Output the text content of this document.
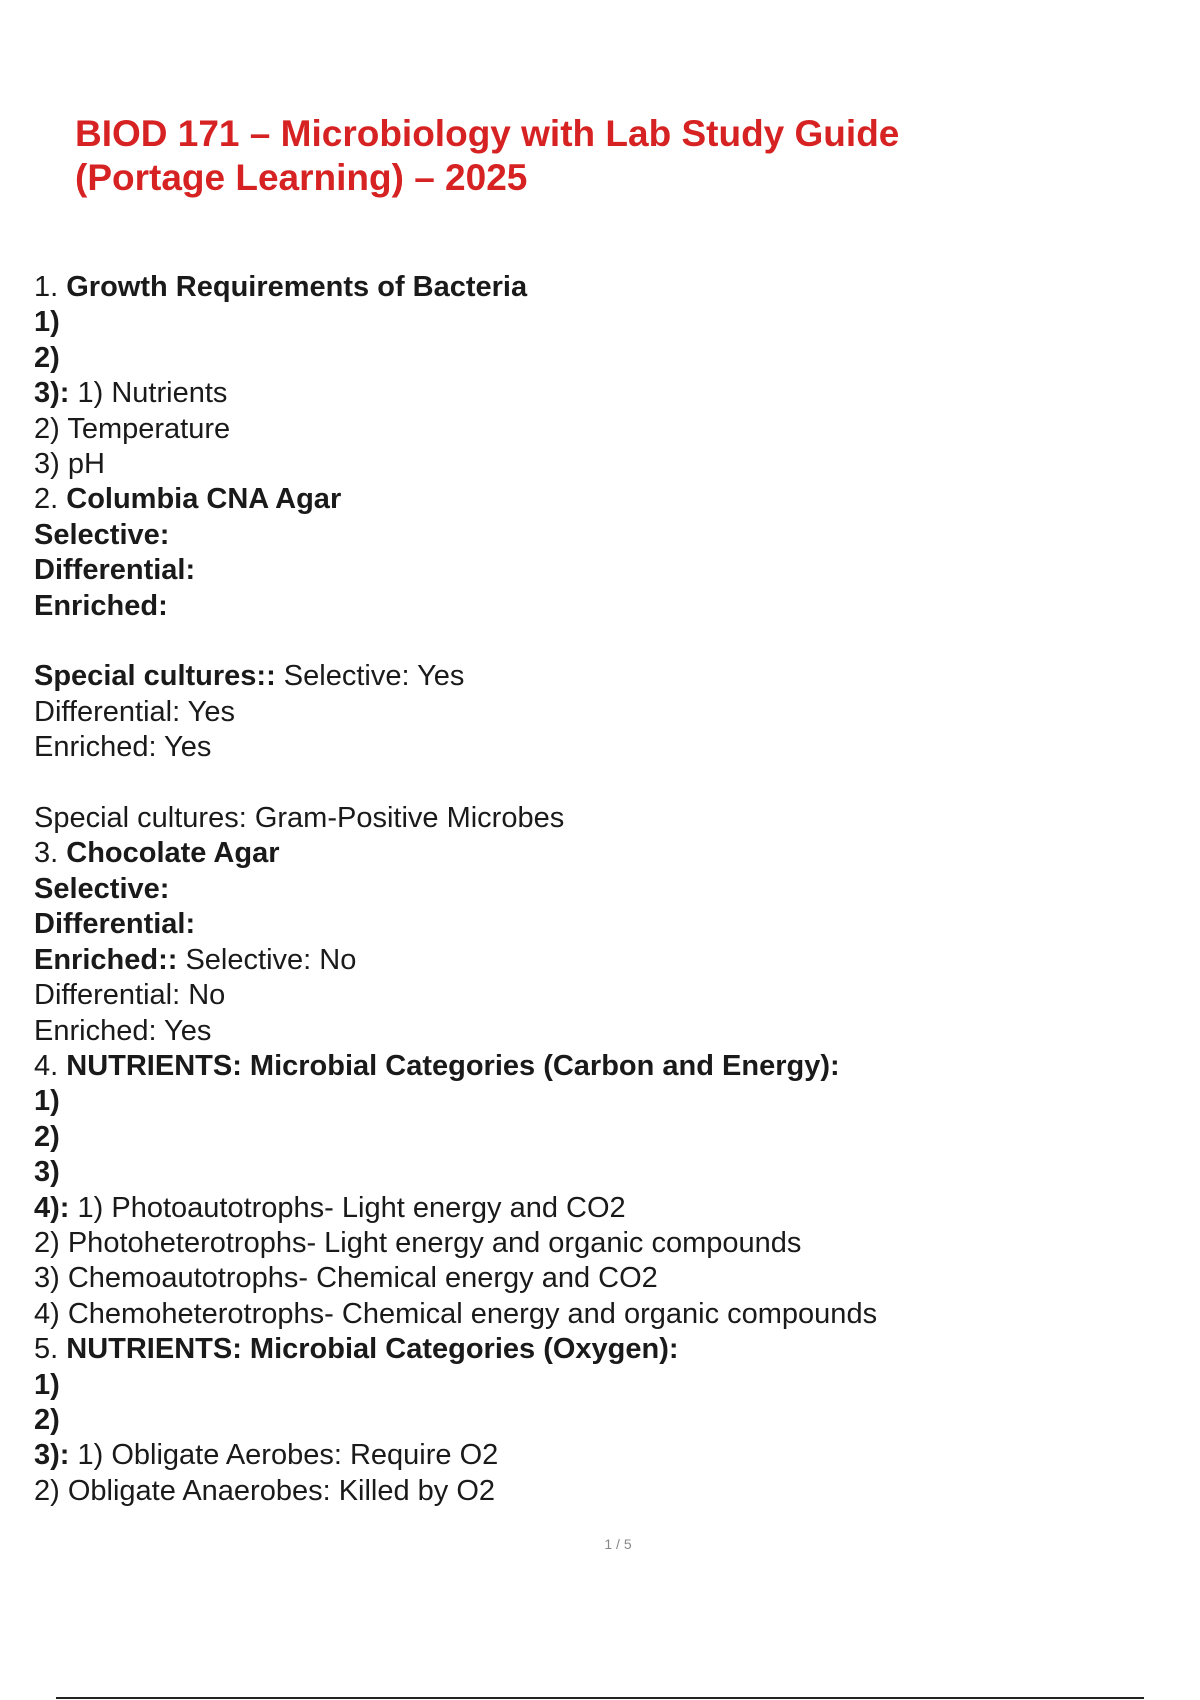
BIOD 171 – Microbiology with Lab Study Guide
(Portage Learning) – 2025
1. Growth Requirements of Bacteria
1)
2)
3): 1) Nutrients
2) Temperature
3) pH
2. Columbia CNA Agar
Selective:
Differential:
Enriched:
Special cultures:: Selective: Yes
Differential: Yes
Enriched: Yes
Special cultures: Gram-Positive Microbes
3. Chocolate Agar
Selective:
Differential:
Enriched:: Selective: No
Differential: No
Enriched: Yes
4. NUTRIENTS: Microbial Categories (Carbon and Energy):
1)
2)
3)
4): 1) Photoautotrophs- Light energy and CO2
2) Photoheterotrophs- Light energy and organic compounds
3) Chemoautotrophs- Chemical energy and CO2
4) Chemoheterotrophs- Chemical energy and organic compounds
5. NUTRIENTS: Microbial Categories (Oxygen):
1)
2)
3): 1) Obligate Aerobes: Require O2
2) Obligate Anaerobes: Killed by O2
1 / 5
